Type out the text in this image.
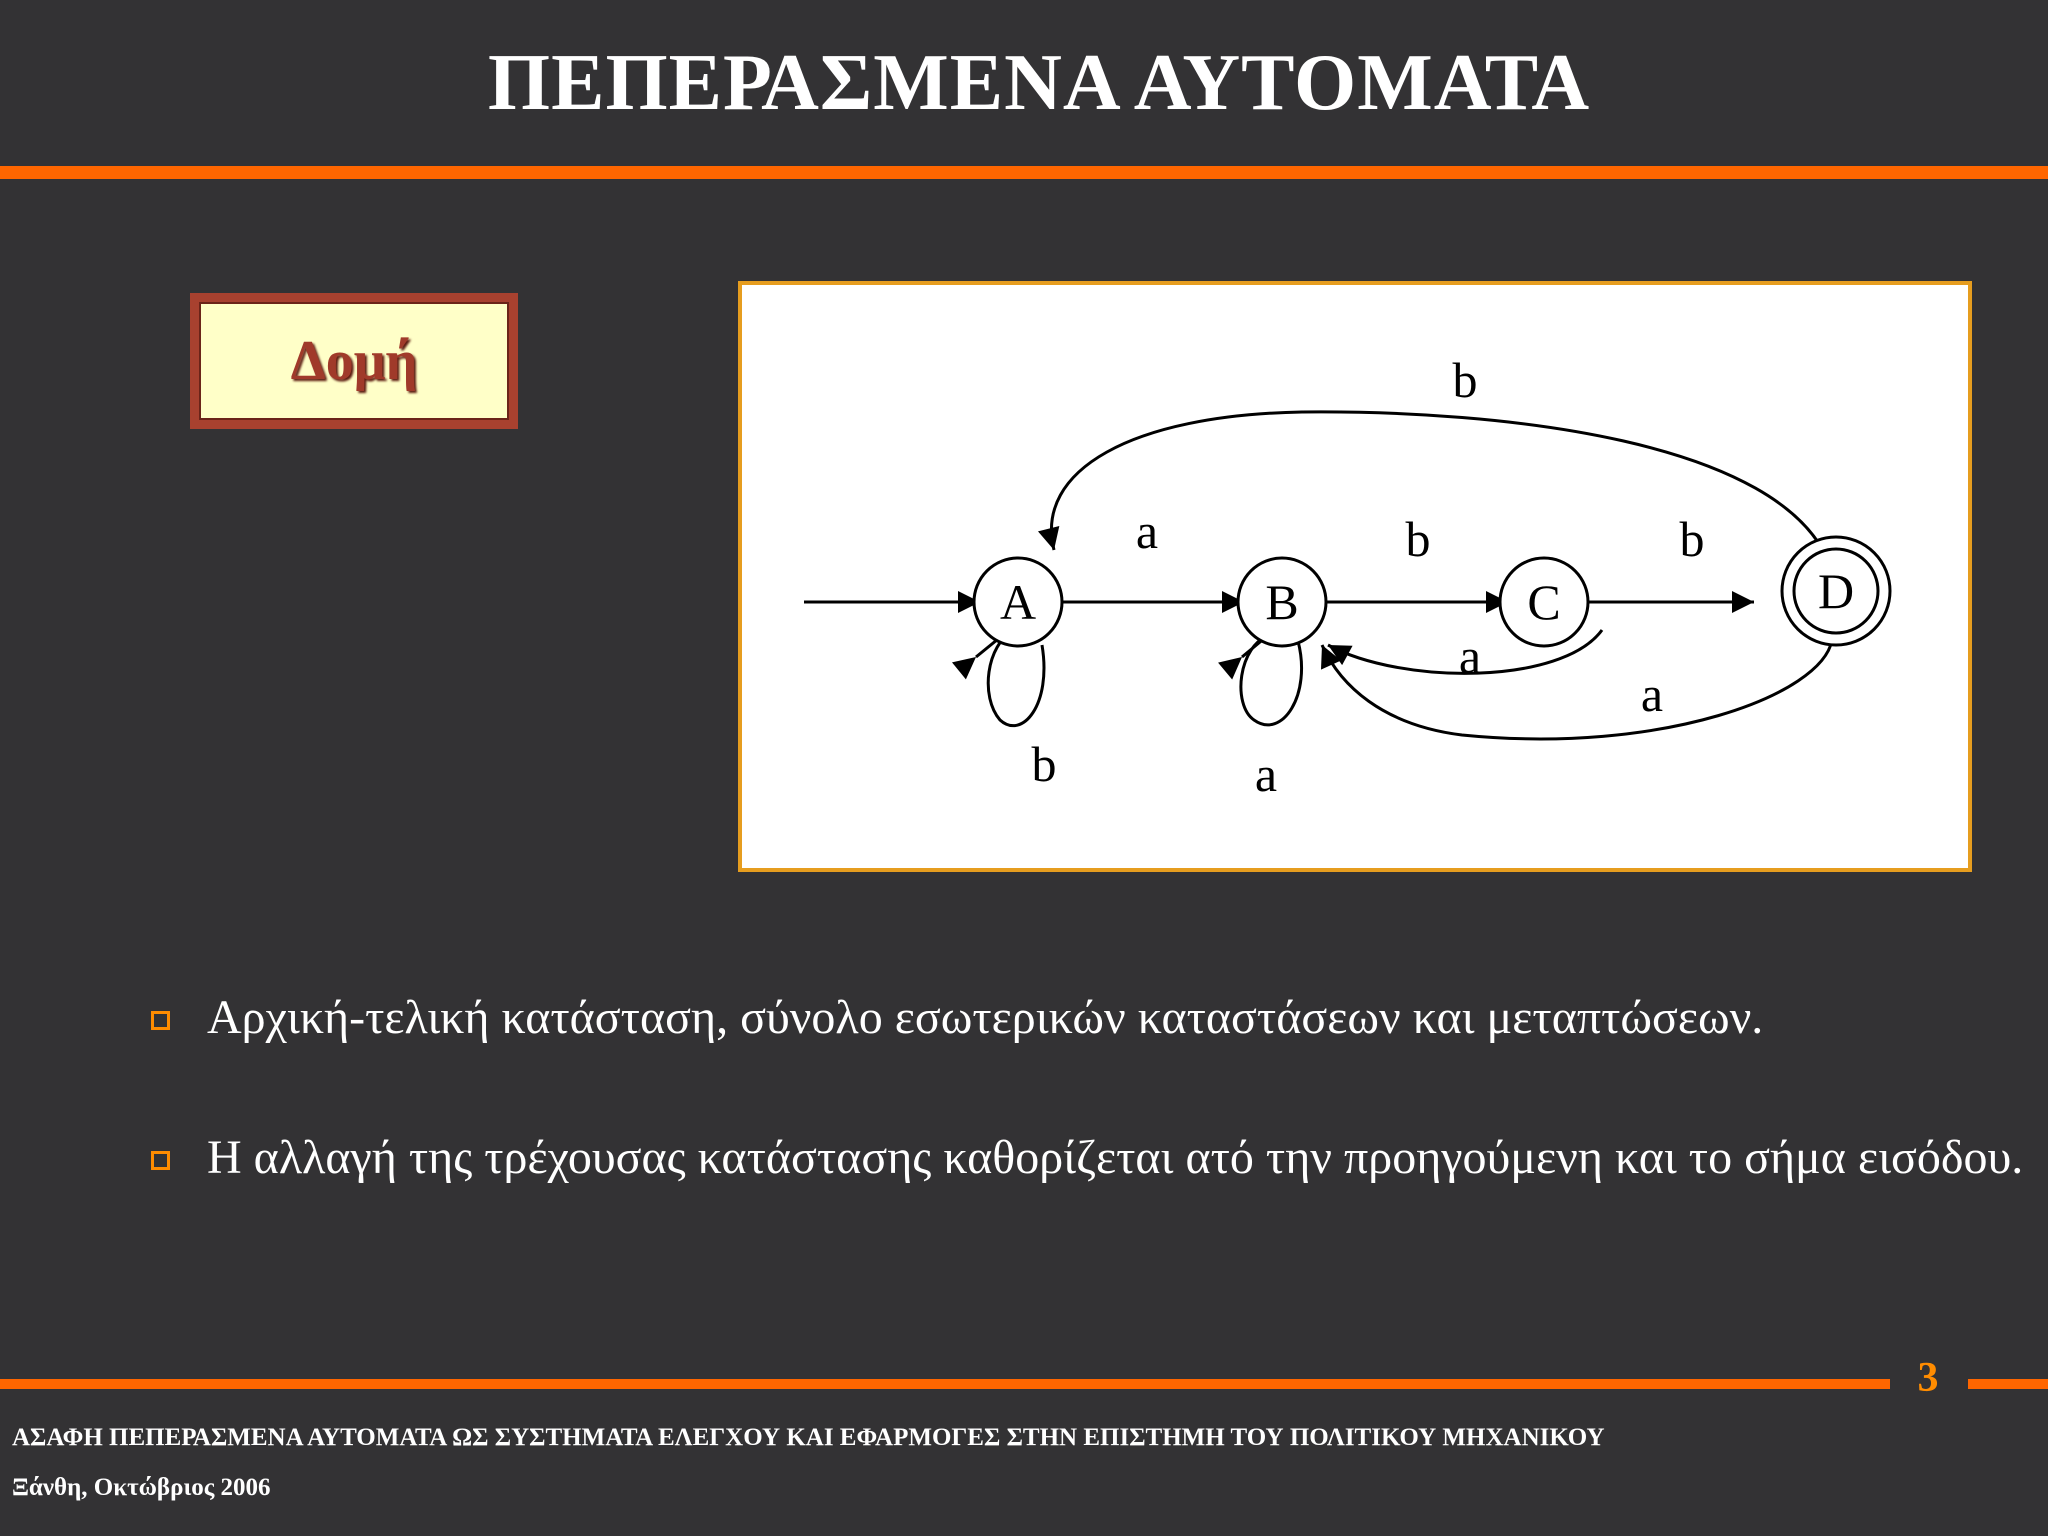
ΠΕΠΕΡΑΣΜΕΝΑ ΑΥΤΟΜΑΤΑ
Δομή
A	B	C	D
a
b
b
a
b
a
a
b
Αρχική-τελική κατάσταση, σύνολο εσωτερικών καταστάσεων και μεταπτώσεων.
Η αλλαγή της τρέχουσας κατάστασης καθορίζεται ατό την προηγούμενη και το σήμα εισόδου.
3
ΑΣΑΦΗ ΠΕΠΕΡΑΣΜΕΝΑ ΑΥΤΟΜΑΤΑ ΩΣ ΣΥΣΤΗΜΑΤΑ ΕΛΕΓΧΟΥ ΚΑΙ ΕΦΑΡΜΟΓΕΣ ΣΤΗΝ ΕΠΙΣΤΗΜΗ ΤΟΥ ΠΟΛΙΤΙΚΟΥ ΜΗΧΑΝΙΚΟΥ
Ξάνθη, Οκτώβριος 2006
